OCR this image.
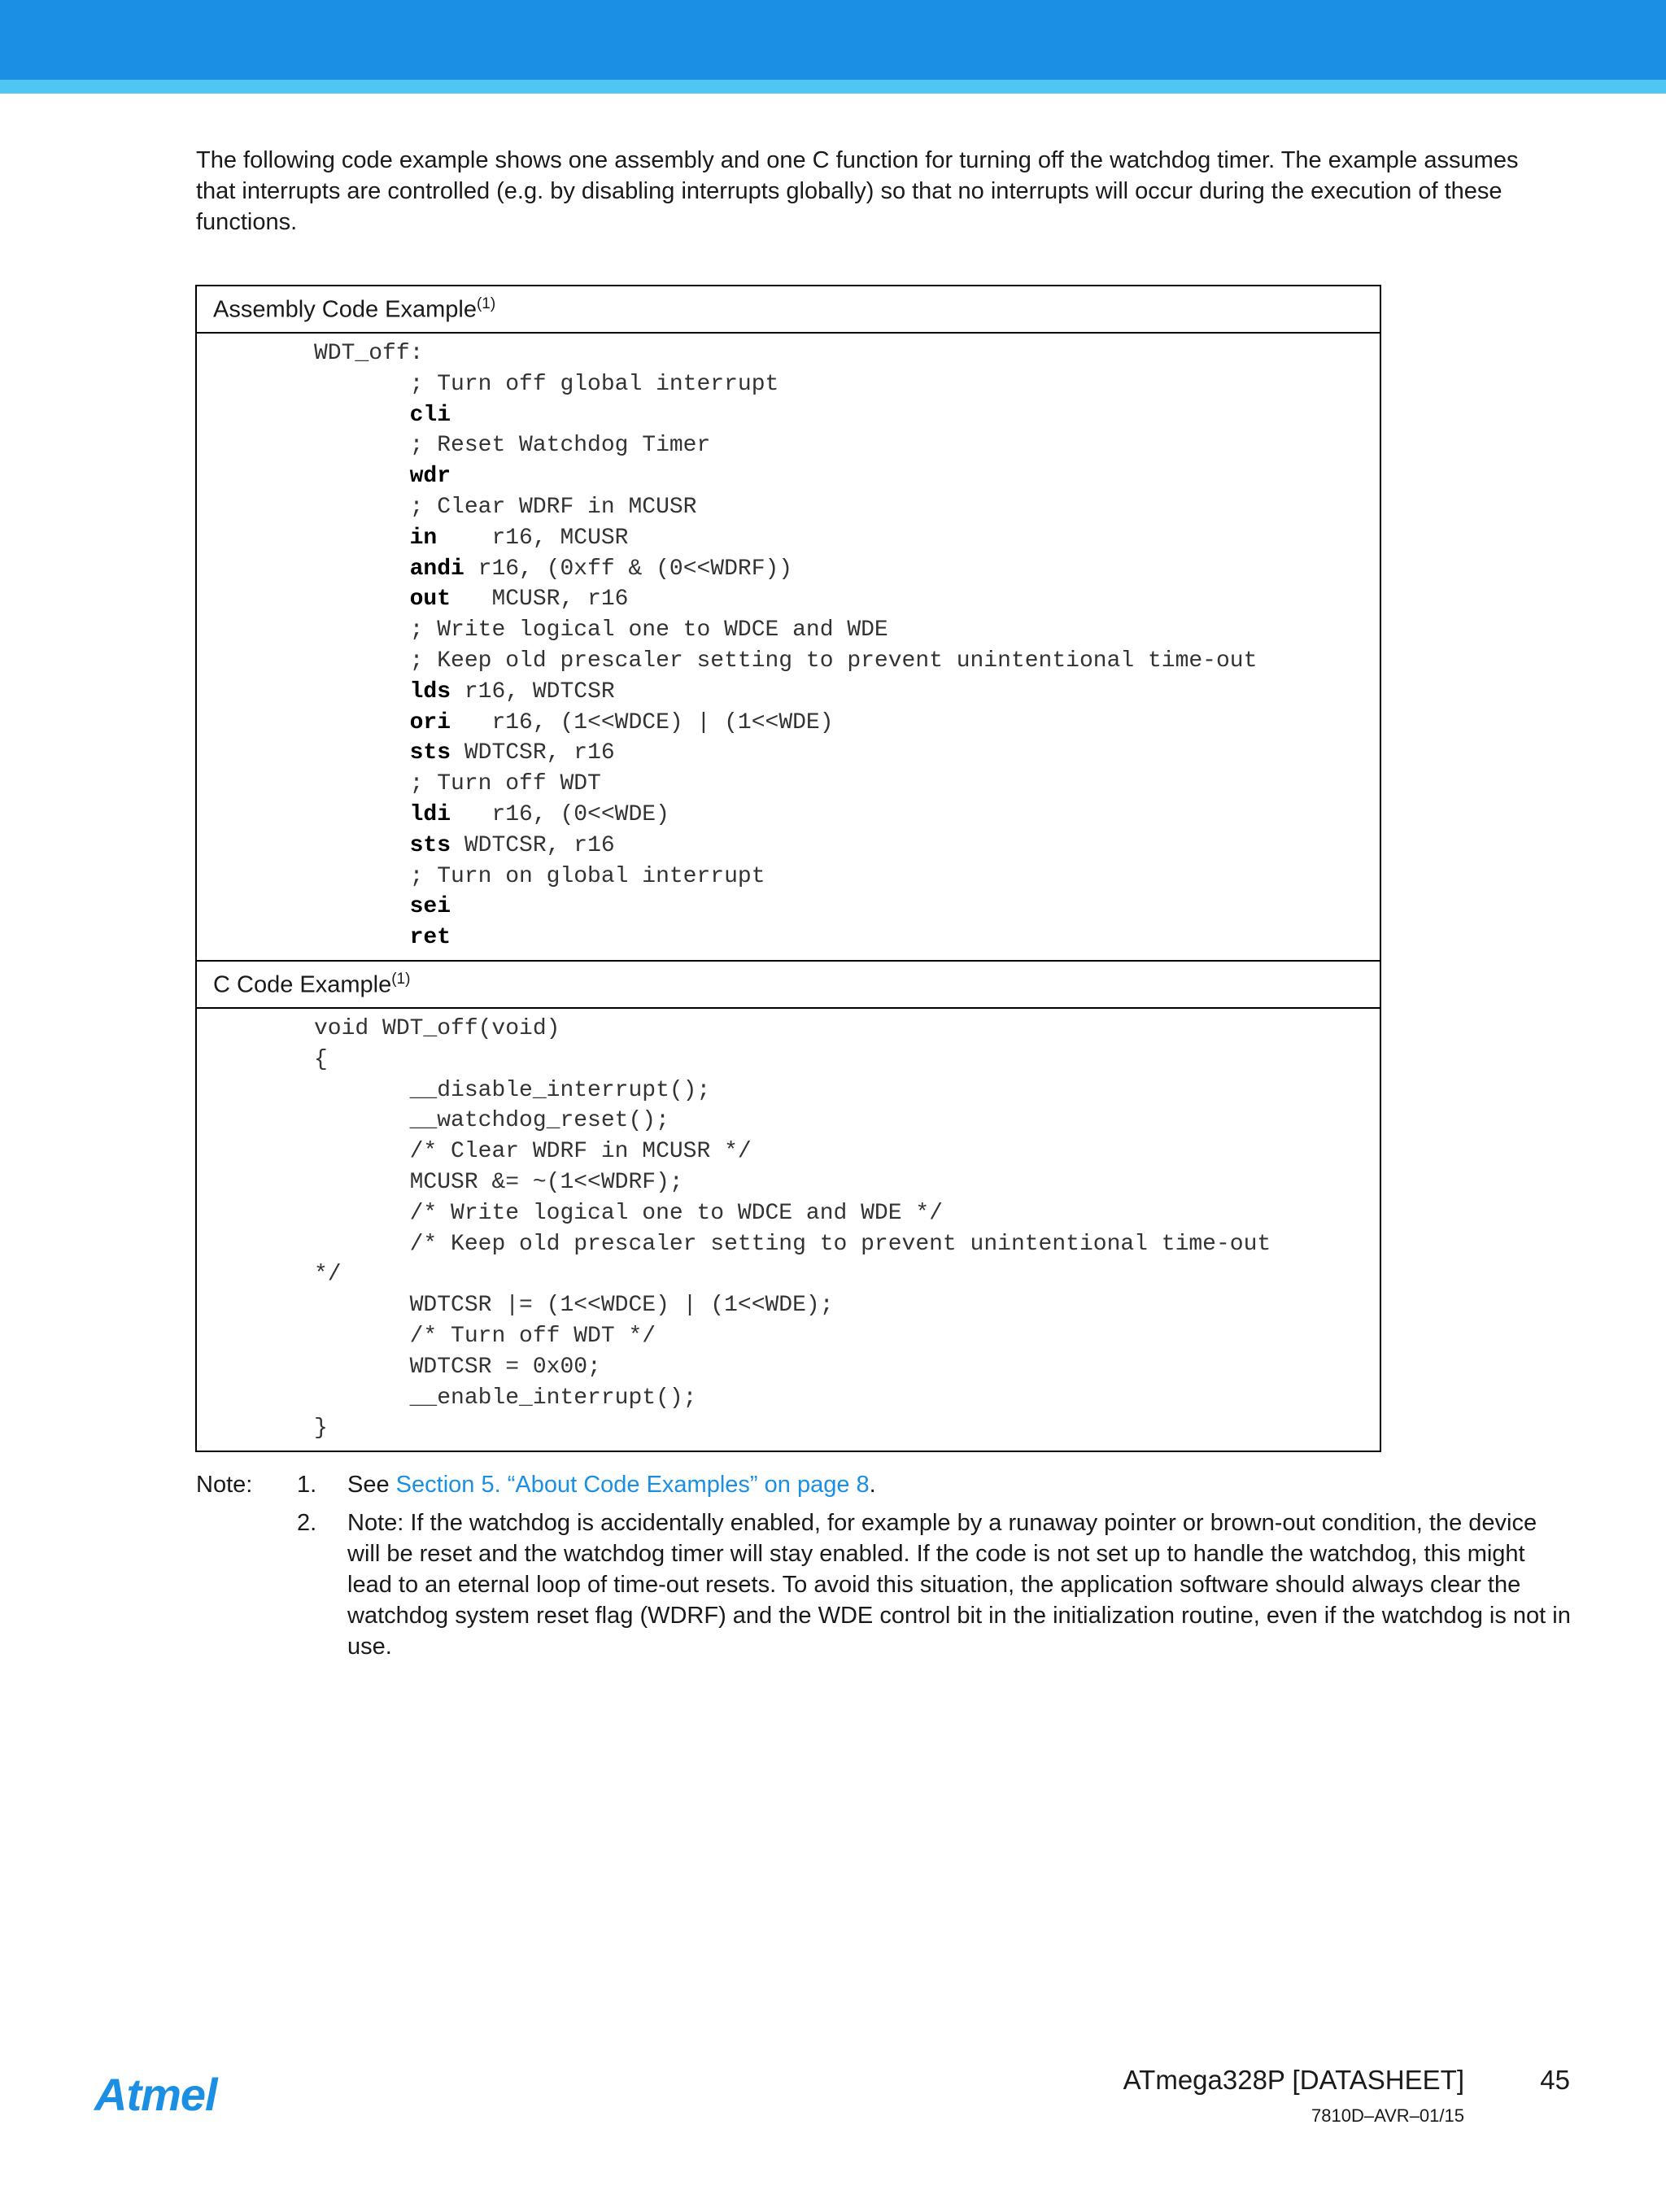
The following code example shows one assembly and one C function for turning off the watchdog timer. The example assumes that interrupts are controlled (e.g. by disabling interrupts globally) so that no interrupts will occur during the execution of these functions.

Assembly Code Example$^{(1)}$

WDT_off:
; Turn off global interrupt
cli
; Reset Watchdog Timer
wdr
; Clear WDRF in MCUSR
in    r16, MCUSR
andi r16, (0xff & (0<<WDRF))
out   MCUSR, r16
; Write logical one to WDCE and WDE
; Keep old prescaler setting to prevent unintentional time-out
lds r16, WDTCSR
ori   r16, (1<<WDCE) | (1<<WDE)
sts WDTCSR, r16
; Turn off WDT
ldi   r16, (0<<WDE)
sts WDTCSR, r16
; Turn on global interrupt
sei
ret

C Code Example$^{(1)}$

void WDT_off(void)
{
__disable_interrupt();
__watchdog_reset();
/* Clear WDRF in MCUSR */
MCUSR &= ~(1<<WDRF);
/* Write logical one to WDCE and WDE */
/* Keep old prescaler setting to prevent unintentional time-out
*/
WDTCSR |= (1<<WDCE) | (1<<WDE);
/* Turn off WDT */
WDTCSR = 0x00;
__enable_interrupt();
}
Note:	1.	See Section 5. “About Code Examples” on page 8.
2.	Note: If the watchdog is accidentally enabled, for example by a runaway pointer or brown-out condition, the device will be reset and the watchdog timer will stay enabled. If the code is not set up to handle the watchdog, this might lead to an eternal loop of time-out resets. To avoid this situation, the application software should always clear the watchdog system reset flag (WDRF) and the WDE control bit in the initialization routine, even if the watchdog is not in use.
Atmel	ATmega328P [DATASHEET]	45
7810D–AVR–01/15
